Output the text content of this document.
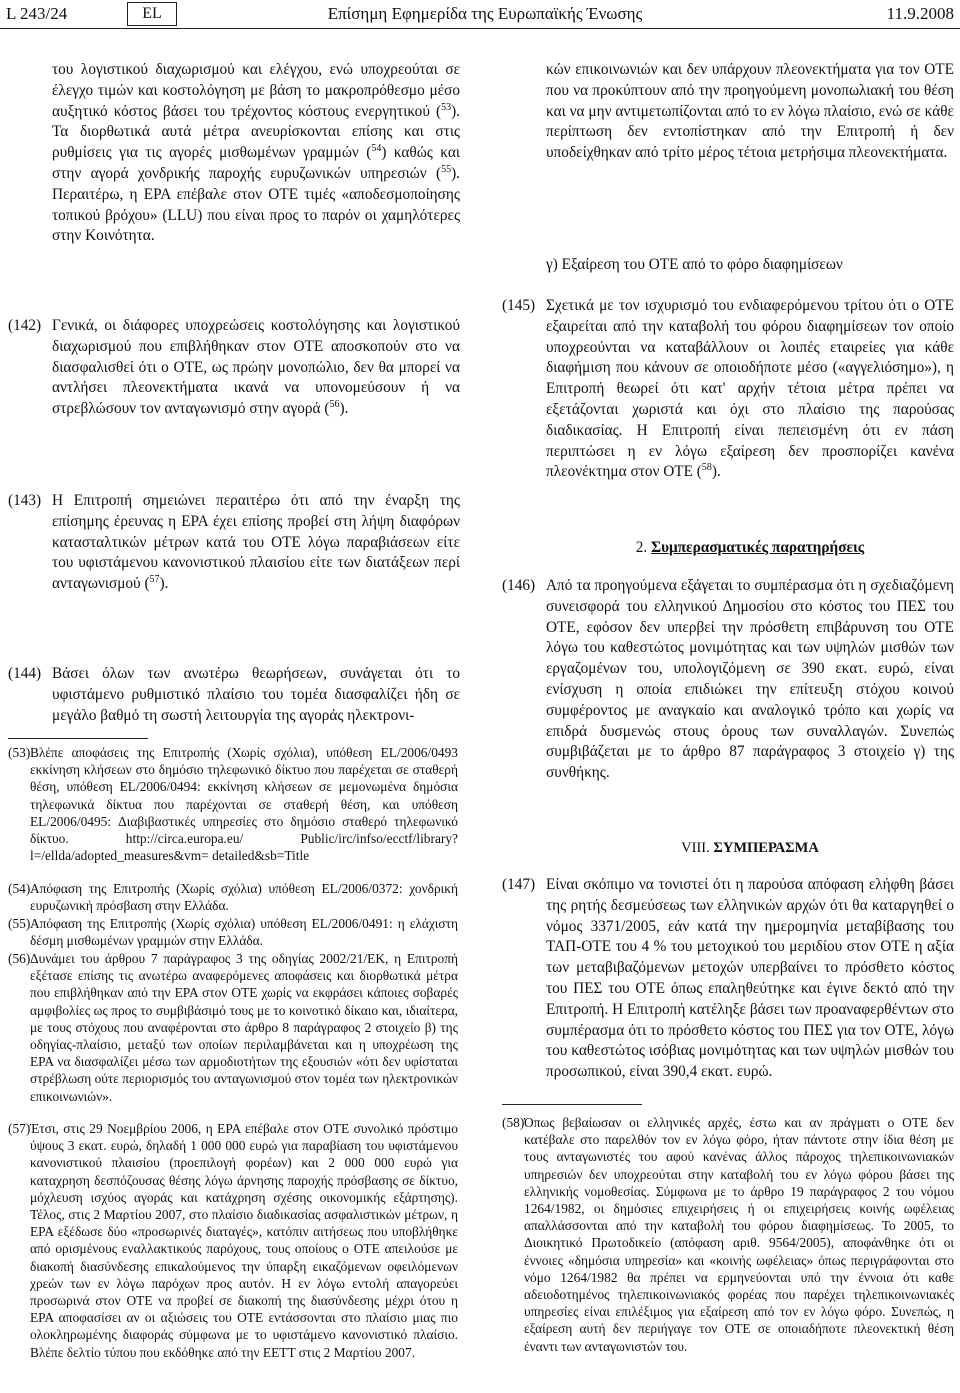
L 243/24	EL	Επίσημη Εφημερίδα της Ευρωπαϊκής Ένωσης	11.9.2008
του λογιστικού διαχωρισμού και ελέγχου, ενώ υποχρεούται σε έλεγχο τιμών και κοστολόγηση με βάση το μακροπρόθεσμο μέσο αυξητικό κόστος βάσει του τρέχοντος κόστους ενεργητικού ($^{53}$). Τα διορθωτικά αυτά μέτρα ανευρίσκονται επίσης και στις ρυθμίσεις για τις αγορές μισθωμένων γραμμών ($^{54}$) καθώς και στην αγορά χονδρικής παροχής ευρυζωνικών υπηρεσιών ($^{55}$). Περαιτέρω, η ΕΡΑ επέβαλε στον ΟΤΕ τιμές «αποδεσμοποίησης τοπικού βρόχου» (LLU) που είναι προς το παρόν οι χαμηλότερες στην Κοινότητα.
(142) Γενικά, οι διάφορες υποχρεώσεις κοστολόγησης και λογιστικού διαχωρισμού που επιβλήθηκαν στον ΟΤΕ αποσκοπούν στο να διασφαλισθεί ότι ο ΟΤΕ, ως πρώην μονοπώλιο, δεν θα μπορεί να αντλήσει πλεονεκτήματα ικανά να υπονομεύσουν ή να στρεβλώσουν τον ανταγωνισμό στην αγορά ($^{56}$).
(143) Η Επιτροπή σημειώνει περαιτέρω ότι από την έναρξη της επίσημης έρευνας η ΕΡΑ έχει επίσης προβεί στη λήψη διαφόρων κατασταλτικών μέτρων κατά του ΟΤΕ λόγω παραβιάσεων είτε του υφιστάμενου κανονιστικού πλαισίου είτε των διατάξεων περί ανταγωνισμού ($^{57}$).
(144) Βάσει όλων των ανωτέρω θεωρήσεων, συνάγεται ότι το υφιστάμενο ρυθμιστικό πλαίσιο του τομέα διασφαλίζει ήδη σε μεγάλο βαθμό τη σωστή λειτουργία της αγοράς ηλεκτρονι-
(53) Βλέπε αποφάσεις της Επιτροπής (Χωρίς σχόλια), υπόθεση EL/2006/0493 εκκίνηση κλήσεων στο δημόσιο τηλεφωνικό δίκτυο που παρέχεται σε σταθερή θέση, υπόθεση EL/2006/0494: εκκίνηση κλήσεων σε μεμονωμένα δημόσια τηλεφωνικά δίκτυα που παρέχονται σε σταθερή θέση, και υπόθεση EL/2006/0495: Διαβιβαστικές υπηρεσίες στο δημόσιο σταθερό τηλεφωνικό δίκτυο. http://circa.europa.eu/ Public/irc/infso/ecctf/library?l=/ellda/adopted_measures&vm= detailed&sb=Title
(54) Απόφαση της Επιτροπής (Χωρίς σχόλια) υπόθεση EL/2006/0372: χονδρική ευρυζωνική πρόσβαση στην Ελλάδα.
(55) Απόφαση της Επιτροπής (Χωρίς σχόλια) υπόθεση EL/2006/0491: η ελάχιστη δέσμη μισθωμένων γραμμών στην Ελλάδα.
(56) Δυνάμει του άρθρου 7 παράγραφος 3 της οδηγίας 2002/21/ΕΚ, η Επιτροπή εξέτασε επίσης τις ανωτέρω αναφερόμενες αποφάσεις και διορθωτικά μέτρα που επιβλήθηκαν από την ΕΡΑ στον ΟΤΕ χωρίς να εκφράσει κάποιες σοβαρές αμφιβολίες ως προς το συμβιβάσιμό τους με το κοινοτικό δίκαιο και, ιδιαίτερα, με τους στόχους που αναφέρονται στο άρθρο 8 παράγραφος 2 στοιχείο β) της οδηγίας-πλαίσιο, μεταξύ των οποίων περιλαμβάνεται και η υποχρέωση της ΕΡΑ να διασφαλίζει μέσω των αρμοδιοτήτων της εξουσιών «ότι δεν υφίσταται στρέβλωση ούτε περιορισμός του ανταγωνισμού στον τομέα των ηλεκτρονικών επικοινωνιών».
(57) Έτσι, στις 29 Νοεμβρίου 2006, η ΕΡΑ επέβαλε στον ΟΤΕ συνολικό πρόστιμο ύψους 3 εκατ. ευρώ, δηλαδή 1 000 000 ευρώ για παραβίαση του υφιστάμενου κανονιστικού πλαισίου (προεπιλογή φορέων) και 2 000 000 ευρώ για καταχρηση δεσπόζουσας θέσης λόγω άρνησης παροχής πρόσβασης σε δίκτυο, μόχλευση ισχύος αγοράς και κατάχρηση σχέσης οικονομικής εξάρτησης). Τέλος, στις 2 Μαρτίου 2007, στο πλαίσιο διαδικασίας ασφαλιστικών μέτρων, η ΕΡΑ εξέδωσε δύο «προσωρινές διαταγές», κατόπιν αιτήσεως που υποβλήθηκε από ορισμένους εναλλακτικούς παρόχους, τους οποίους ο ΟΤΕ απειλούσε με διακοπή διασύνδεσης επικαλούμενος την ύπαρξη εικαζόμενων οφειλόμενων χρεών των εν λόγω παρόχων προς αυτόν. Η εν λόγω εντολή απαγορεύει προσωρινά στον ΟΤΕ να προβεί σε διακοπή της διασύνδεσης μέχρι ότου η ΕΡΑ αποφασίσει αν οι αξιώσεις του ΟΤΕ εντάσσονται στο πλαίσιο μιας πιο ολοκληρωμένης διαφοράς σύμφωνα με το υφιστάμενο κανονιστικό πλαίσιο. Βλέπε δελτίο τύπου που εκδόθηκε από την ΕΕΤΤ στις 2 Μαρτίου 2007.
κών επικοινωνιών και δεν υπάρχουν πλεονεκτήματα για τον ΟΤΕ που να προκύπτουν από την προηγούμενη μονοπωλιακή του θέση και να μην αντιμετωπίζονται από το εν λόγω πλαίσιο, ενώ σε κάθε περίπτωση δεν εντοπίστηκαν από την Επιτροπή ή δεν υποδείχθηκαν από τρίτο μέρος τέτοια μετρήσιμα πλεονεκτήματα.
γ) Εξαίρεση του ΟΤΕ από το φόρο διαφημίσεων
(145) Σχετικά με τον ισχυρισμό του ενδιαφερόμενου τρίτου ότι ο ΟΤΕ εξαιρείται από την καταβολή του φόρου διαφημίσεων τον οποίο υποχρεούνται να καταβάλλουν οι λοιπές εταιρείες για κάθε διαφήμιση που κάνουν σε οποιοδήποτε μέσο («αγγελιόσημο»), η Επιτροπή θεωρεί ότι κατ' αρχήν τέτοια μέτρα πρέπει να εξετάζονται χωριστά και όχι στο πλαίσιο της παρούσας διαδικασίας. Η Επιτροπή είναι πεπεισμένη ότι εν πάση περιπτώσει η εν λόγω εξαίρεση δεν προσπορίζει κανένα πλεονέκτημα στον ΟΤΕ ($^{58}$).
2. Συμπερασματικές παρατηρήσεις
(146) Από τα προηγούμενα εξάγεται το συμπέρασμα ότι η σχεδιαζόμενη συνεισφορά του ελληνικού Δημοσίου στο κόστος του ΠΕΣ του ΟΤΕ, εφόσον δεν υπερβεί την πρόσθετη επιβάρυνση του ΟΤΕ λόγω του καθεστώτος μονιμότητας και των υψηλών μισθών των εργαζομένων του, υπολογιζόμενη σε 390 εκατ. ευρώ, είναι ενίσχυση η οποία επιδιώκει την επίτευξη στόχου κοινού συμφέροντος με αναγκαίο και αναλογικό τρόπο και χωρίς να επιδρά δυσμενώς στους όρους των συναλλαγών. Συνεπώς συμβιβάζεται με το άρθρο 87 παράγραφος 3 στοιχείο γ) της συνθήκης.
VIII. ΣΥΜΠΕΡΑΣΜΑ
(147) Είναι σκόπιμο να τονιστεί ότι η παρούσα απόφαση ελήφθη βάσει της ρητής δεσμεύσεως των ελληνικών αρχών ότι θα καταργηθεί ο νόμος 3371/2005, εάν κατά την ημερομηνία μεταβίβασης του ΤΑΠ-ΟΤΕ του 4 % του μετοχικού του μεριδίου στον ΟΤΕ η αξία των μεταβιβαζόμενων μετοχών υπερβαίνει το πρόσθετο κόστος του ΠΕΣ του ΟΤΕ όπως επαληθεύτηκε και έγινε δεκτό από την Επιτροπή. Η Επιτροπή κατέληξε βάσει των προαναφερθέντων στο συμπέρασμα ότι το πρόσθετο κόστος του ΠΕΣ για τον ΟΤΕ, λόγω του καθεστώτος ισόβιας μονιμότητας και των υψηλών μισθών του προσωπικού, είναι 390,4 εκατ. ευρώ.
(58) Όπως βεβαίωσαν οι ελληνικές αρχές, έστω και αν πράγματι ο ΟΤΕ δεν κατέβαλε στο παρελθόν τον εν λόγω φόρο, ήταν πάντοτε στην ίδια θέση με τους ανταγωνιστές του αφού κανένας άλλος πάροχος τηλεπικοινωνιακών υπηρεσιών δεν υποχρεούται στην καταβολή του εν λόγω φόρου βάσει της ελληνικής νομοθεσίας. Σύμφωνα με το άρθρο 19 παράγραφος 2 του νόμου 1264/1982, οι δημόσιες επιχειρήσεις ή οι επιχειρήσεις κοινής ωφέλειας απαλλάσσονται από την καταβολή του φόρου διαφημίσεως. Το 2005, το Διοικητικό Πρωτοδικείο (απόφαση αριθ. 9564/2005), αποφάνθηκε ότι οι έννοιες «δημόσια υπηρεσία» και «κοινής ωφέλειας» όπως περιγράφονται στο νόμο 1264/1982 θα πρέπει να ερμηνεύονται υπό την έννοια ότι καθε αδειοδοτημένος τηλεπικοινωνιακός φορέας που παρέχει τηλεπικοινωνιακές υπηρεσίες είναι επιλέξιμος για εξαίρεση από τον εν λόγω φόρο. Συνεπώς, η εξαίρεση αυτή δεν περιήγαγε τον ΟΤΕ σε οποιαδήποτε πλεονεκτική θέση έναντι των ανταγωνιστών του.
